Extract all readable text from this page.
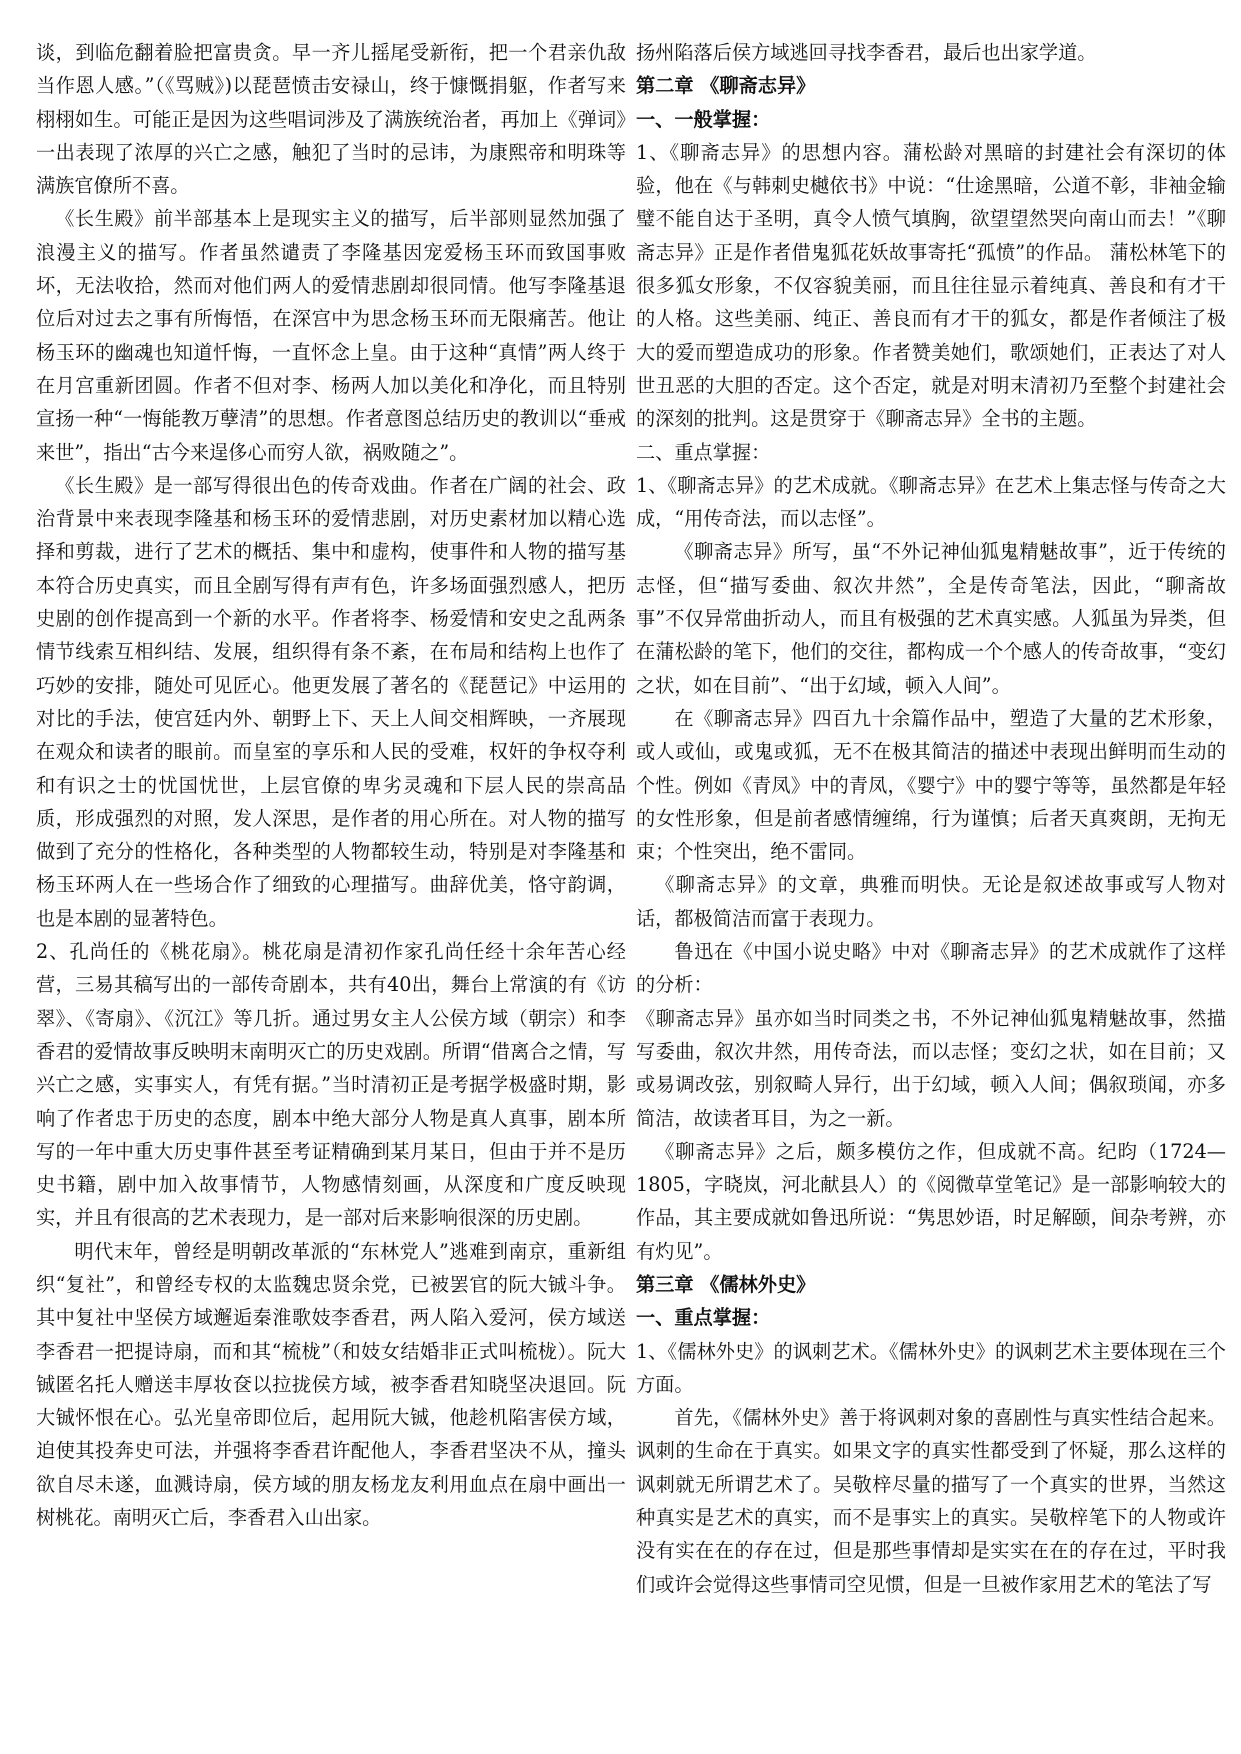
谈，到临危翻着脸把富贵贪。早一齐儿摇尾受新衔，把一个君亲仇敌当作恩人感。”（《骂贼》)以琵琶愤击安禄山，终于慷慨捐躯，作者写来栩栩如生。可能正是因为这些唱词涉及了满族统治者，再加上《弹词》一出表现了浓厚的兴亡之感，触犯了当时的忌讳，为康熙帝和明珠等满族官僚所不喜。

《长生殿》前半部基本上是现实主义的描写，后半部则显然加强了浪漫主义的描写。作者虽然谴责了李隆基因宠爱杨玉环而致国事败坏，无法收拾，然而对他们两人的爱情悲剧却很同情。他写李隆基退位后对过去之事有所悔悟，在深宫中为思念杨玉环而无限痛苦。他让杨玉环的幽魂也知道忏悔，一直怀念上皇。由于这种“真情”两人终于在月宫重新团圆。作者不但对李、杨两人加以美化和净化，而且特别宣扬一种“一悔能教万孽清”的思想。作者意图总结历史的教训以“垂戒来世”，指出“古今来逞侈心而穷人欲，祸败随之”。

《长生殿》是一部写得很出色的传奇戏曲。作者在广阔的社会、政治背景中来表现李隆基和杨玉环的爱情悲剧，对历史素材加以精心选择和剪裁，进行了艺术的概括、集中和虚构，使事件和人物的描写基本符合历史真实，而且全剧写得有声有色，许多场面强烈感人，把历史剧的创作提高到一个新的水平。作者将李、杨爱情和安史之乱两条情节线索互相纠结、发展，组织得有条不紊，在布局和结构上也作了巧妙的安排，随处可见匠心。他更发展了著名的《琵琶记》中运用的对比的手法，使宫廷内外、朝野上下、天上人间交相辉映，一齐展现在观众和读者的眼前。而皇室的享乐和人民的受难，权奸的争权夺利和有识之士的忧国忧世，上层官僚的卑劣灵魂和下层人民的崇高品质，形成强烈的对照，发人深思，是作者的用心所在。对人物的描写做到了充分的性格化，各种类型的人物都较生动，特别是对李隆基和杨玉环两人在一些场合作了细致的心理描写。曲辞优美，恪守韵调，也是本剧的显著特色。

2、孔尚任的《桃花扇》。桃花扇是清初作家孔尚任经十余年苦心经营，三易其稿写出的一部传奇剧本，共有40出，舞台上常演的有《访翠》、《寄扇》、《沉江》等几折。通过男女主人公侯方域（朝宗）和李香君的爱情故事反映明末南明灭亡的历史戏剧。所谓“借离合之情，写兴亡之感，实事实人，有凭有据。”当时清初正是考据学极盛时期，影响了作者忠于历史的态度，剧本中绝大部分人物是真人真事，剧本所写的一年中重大历史事件甚至考证精确到某月某日，但由于并不是历史书籍，剧中加入故事情节，人物感情刻画，从深度和广度反映现实，并且有很高的艺术表现力，是一部对后来影响很深的历史剧。

明代末年，曾经是明朝改革派的“东林党人”逃难到南京，重新组织“复社”，和曾经专权的太监魏忠贤余党，已被罢官的阮大铖斗争。其中复社中坚侯方域邂逅秦淮歌妓李香君，两人陷入爱河，侯方域送李香君一把提诗扇，而和其“梳栊”（和妓女结婚非正式叫梳栊）。阮大铖匿名托人赠送丰厚妆奁以拉拢侯方域，被李香君知晓坚决退回。阮大铖怀恨在心。弘光皇帝即位后，起用阮大铖，他趁机陷害侯方域，迫使其投奔史可法，并强将李香君许配他人，李香君坚决不从，撞头欲自尽未遂，血溅诗扇，侯方域的朋友杨龙友利用血点在扇中画出一树桃花。南明灭亡后，李香君入山出家。

扬州陷落后侯方域逃回寻找李香君，最后也出家学道。

第二章 《聊斋志异》

一、一般掌握：

1、《聊斋志异》的思想内容。蒲松龄对黑暗的封建社会有深切的体验，他在《与韩刺史樾依书》中说：“仕途黑暗，公道不彰，非袖金输璧不能自达于圣明，真令人愤气填胸，欲望望然哭向南山而去！”《聊斋志异》正是作者借鬼狐花妖故事寄托“孤愤”的作品。 蒲松林笔下的很多狐女形象，不仅容貌美丽，而且往往显示着纯真、善良和有才干的人格。这些美丽、纯正、善良而有才干的狐女，都是作者倾注了极大的爱而塑造成功的形象。作者赞美她们，歌颂她们，正表达了对人世丑恶的大胆的否定。这个否定，就是对明末清初乃至整个封建社会的深刻的批判。这是贯穿于《聊斋志异》全书的主题。

二、重点掌握：

1、《聊斋志异》的艺术成就。《聊斋志异》在艺术上集志怪与传奇之大成，“用传奇法，而以志怪”。

《聊斋志异》所写，虽“不外记神仙狐鬼精魅故事”，近于传统的志怪，但“描写委曲、叙次井然”，全是传奇笔法，因此，“聊斋故事”不仅异常曲折动人，而且有极强的艺术真实感。人狐虽为异类，但在蒲松龄的笔下，他们的交往，都构成一个个感人的传奇故事，“变幻之状，如在目前”、“出于幻域，顿入人间”。

在《聊斋志异》四百九十余篇作品中，塑造了大量的艺术形象，或人或仙，或鬼或狐，无不在极其简洁的描述中表现出鲜明而生动的个性。例如《青凤》中的青凤，《婴宁》中的婴宁等等，虽然都是年轻的女性形象，但是前者感情缠绵，行为谨慎；后者天真爽朗，无拘无束；个性突出，绝不雷同。

《聊斋志异》的文章，典雅而明快。无论是叙述故事或写人物对话，都极简洁而富于表现力。

鲁迅在《中国小说史略》中对《聊斋志异》的艺术成就作了这样的分析：

《聊斋志异》虽亦如当时同类之书，不外记神仙狐鬼精魅故事，然描写委曲，叙次井然，用传奇法，而以志怪；变幻之状，如在目前；又或易调改弦，别叙畸人异行，出于幻域，顿入人间；偶叙琐闻，亦多简洁，故读者耳目，为之一新。

《聊斋志异》之后，颇多模仿之作，但成就不高。纪昀（1724—1805，字晓岚，河北献县人）的《阅微草堂笔记》是一部影响较大的作品，其主要成就如鲁迅所说：“隽思妙语，时足解颐，间杂考辨，亦有灼见”。

第三章 《儒林外史》

一、重点掌握：

1、《儒林外史》的讽刺艺术。《儒林外史》的讽刺艺术主要体现在三个方面。

首先，《儒林外史》善于将讽刺对象的喜剧性与真实性结合起来。讽刺的生命在于真实。如果文字的真实性都受到了怀疑，那么这样的讽刺就无所谓艺术了。吴敬梓尽量的描写了一个真实的世界，当然这种真实是艺术的真实，而不是事实上的真实。吴敬梓笔下的人物或许没有实在在的存在过，但是那些事情却是实实在在的存在过，平时我们或许会觉得这些事情司空见惯，但是一旦被作家用艺术的笔法了写
